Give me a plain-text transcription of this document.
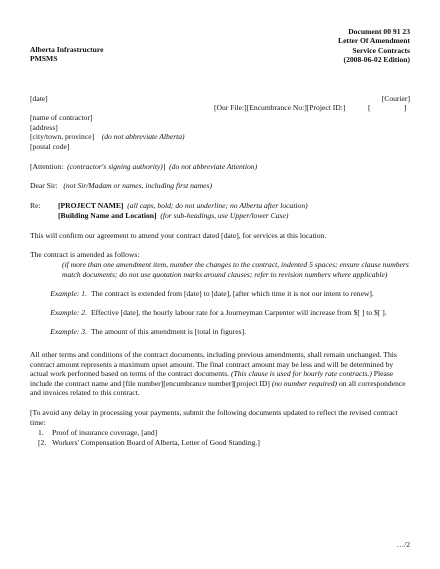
Document 00 91 23
Letter Of Amendment
Service Contracts
(2008-06-02 Edition)
Alberta Infrastructure
PMSMS
[date]	[Courier]
[Our File:][Encumbrance No:][Project ID:]	[	]
[name of contractor]
[address]
[city/town, province] (do not abbreviate Alberta)
[postal code]
[Attention: (contractor's signing authority)] (do not abbreviate Attention)
Dear Sir: (not Sir/Madam or names, including first names)
Re: [PROJECT NAME] (all caps, bold; do not underline; no Alberta after location)
[Building Name and Location] (for sub-headings, use Upper/lower Case)
This will confirm our agreement to amend your contract dated [date], for services at this location.
The contract is amended as follows:
(if more than one amendment item, number the changes to the contract, indented 5 spaces; ensure clause numbers match documents; do not use quotation marks around clauses; refer to revision numbers where applicable)
Example: 1. The contract is extended from [date] to [date], [after which time it is not our intent to renew].
Example: 2. Effective [date], the hourly labour rate for a Journeyman Carpenter will increase from $[ ] to $[ ].
Example: 3. The amount of this amendment is [total in figures].
All other terms and conditions of the contract documents, including previous amendments, shall remain unchanged. This contract amount represents a maximum upset amount. The final contract amount may be less and will be determined by actual work performed based on terms of the contract documents. (This clause is used for hourly rate contracts.) Please include the contract name and [file number][encumbrance number][project ID] (no number required) on all correspondence and invoices related to this contract.
[To avoid any delay in processing your payments, submit the following documents updated to reflect the revised contract time:
1. Proof of insurance coverage, [and]
[2. Workers' Compensation Board of Alberta, Letter of Good Standing.]
…/2
